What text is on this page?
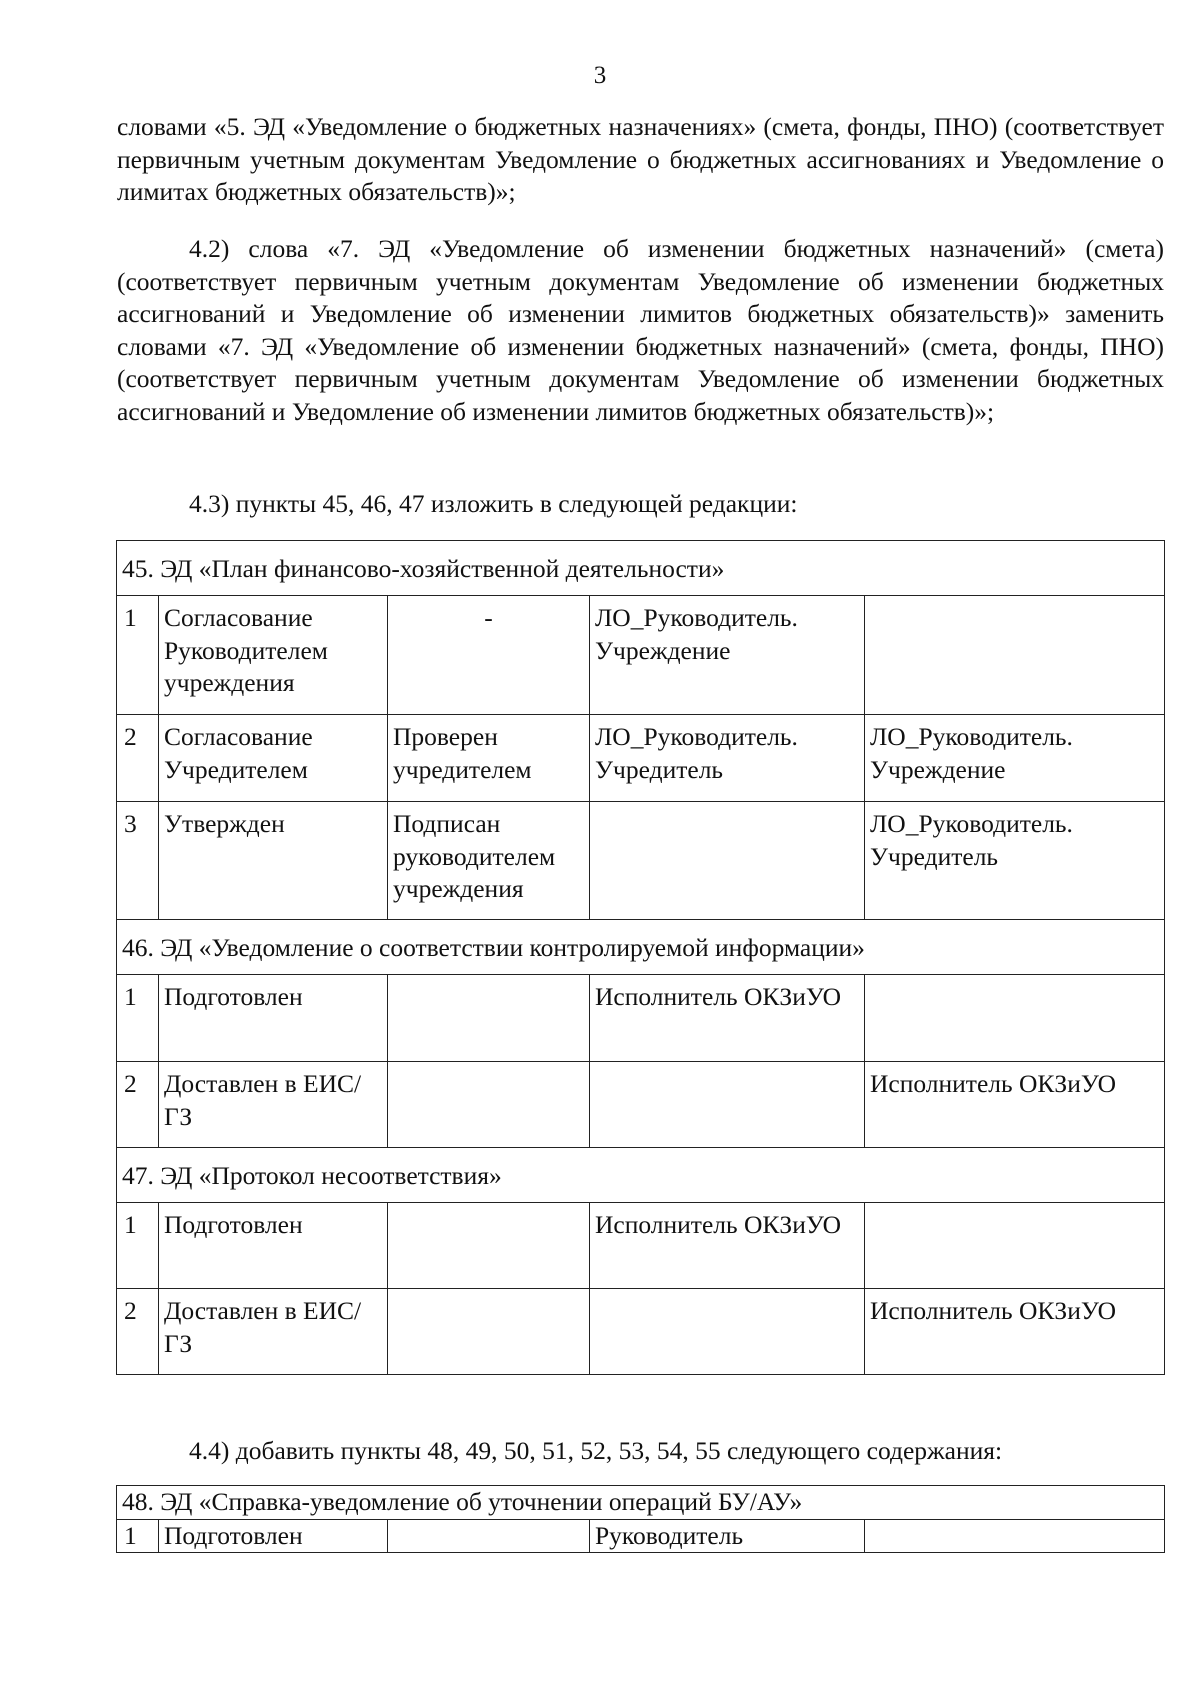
3
словами «5. ЭД «Уведомление о бюджетных назначениях» (смета, фонды, ПНО) (соответствует первичным учетным документам Уведомление о бюджетных ассигнованиях и Уведомление о лимитах бюджетных обязательств)»;
4.2) слова «7. ЭД «Уведомление об изменении бюджетных назначений» (смета) (соответствует первичным учетным документам Уведомление об изменении бюджетных ассигнований и Уведомление об изменении лимитов бюджетных обязательств)» заменить словами «7. ЭД «Уведомление об изменении бюджетных назначений» (смета, фонды, ПНО) (соответствует первичным учетным документам Уведомление об изменении бюджетных ассигнований и Уведомление об изменении лимитов бюджетных обязательств)»;
4.3) пункты 45, 46, 47 изложить в следующей редакции:
45. ЭД «План финансово-хозяйственной деятельности»				
1	Согласование Руководителем учреждения	-	ЛО_Руководитель. Учреждение	
2	Согласование Учредителем	Проверен учредителем	ЛО_Руководитель. Учредитель	ЛО_Руководитель. Учреждение
3	Утвержден	Подписан руководителем учреждения		ЛО_Руководитель. Учредитель
46. ЭД «Уведомление о соответствии контролируемой информации»				
1	Подготовлен		Исполнитель ОКЗиУО	
2	Доставлен в ЕИС/ГЗ			Исполнитель ОКЗиУО
47. ЭД «Протокол несоответствия»				
1	Подготовлен		Исполнитель ОКЗиУО	
2	Доставлен в ЕИС/ГЗ			Исполнитель ОКЗиУО
4.4) добавить пункты 48, 49, 50, 51, 52, 53, 54, 55 следующего содержания:
48. ЭД «Справка-уведомление об уточнении операций БУ/АУ»
1	Подготовлен		Руководитель	
